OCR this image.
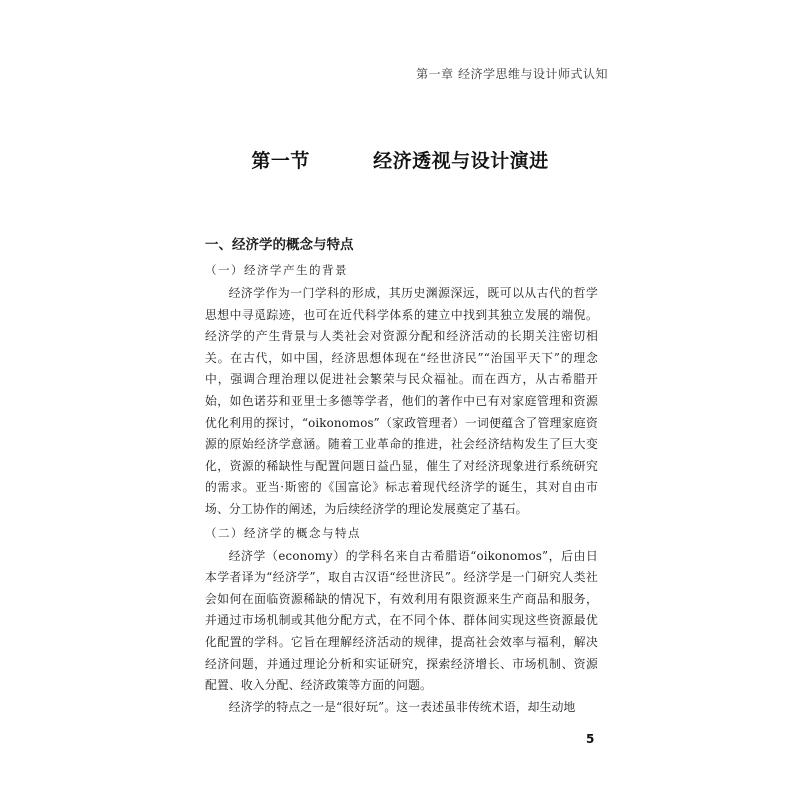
第一章 经济学思维与设计师式认知
第一节   经济透视与设计演进
一、经济学的概念与特点
（一）经济学产生的背景

经济学作为一门学科的形成，其历史渊源深远，既可以从古代的哲学思想中寻觅踪迹，也可在近代科学体系的建立中找到其独立发展的端倪。经济学的产生背景与人类社会对资源分配和经济活动的长期关注密切相关。在古代，如中国，经济思想体现在“经世济民”“治国平天下”的理念中，强调合理治理以促进社会繁荣与民众福祉。而在西方，从古希腊开始，如色诺芬和亚里士多德等学者，他们的著作中已有对家庭管理和资源优化利用的探讨，“oikonomos”（家政管理者）一词便蕴含了管理家庭资源的原始经济学意涵。随着工业革命的推进，社会经济结构发生了巨大变化，资源的稀缺性与配置问题日益凸显，催生了对经济现象进行系统研究的需求。亚当·斯密的《国富论》标志着现代经济学的诞生，其对自由市场、分工协作的阐述，为后续经济学的理论发展奠定了基石。

（二）经济学的概念与特点

经济学（economy）的学科名来自古希腊语“oikonomos”，后由日本学者译为“经济学”，取自古汉语“经世济民”。经济学是一门研究人类社会如何在面临资源稀缺的情况下，有效利用有限资源来生产商品和服务，并通过市场机制或其他分配方式，在不同个体、群体间实现这些资源最优化配置的学科。它旨在理解经济活动的规律，提高社会效率与福利，解决经济问题，并通过理论分析和实证研究，探索经济增长、市场机制、资源配置、收入分配、经济政策等方面的问题。

经济学的特点之一是“很好玩”。这一表述虽非传统术语，却生动地

5
